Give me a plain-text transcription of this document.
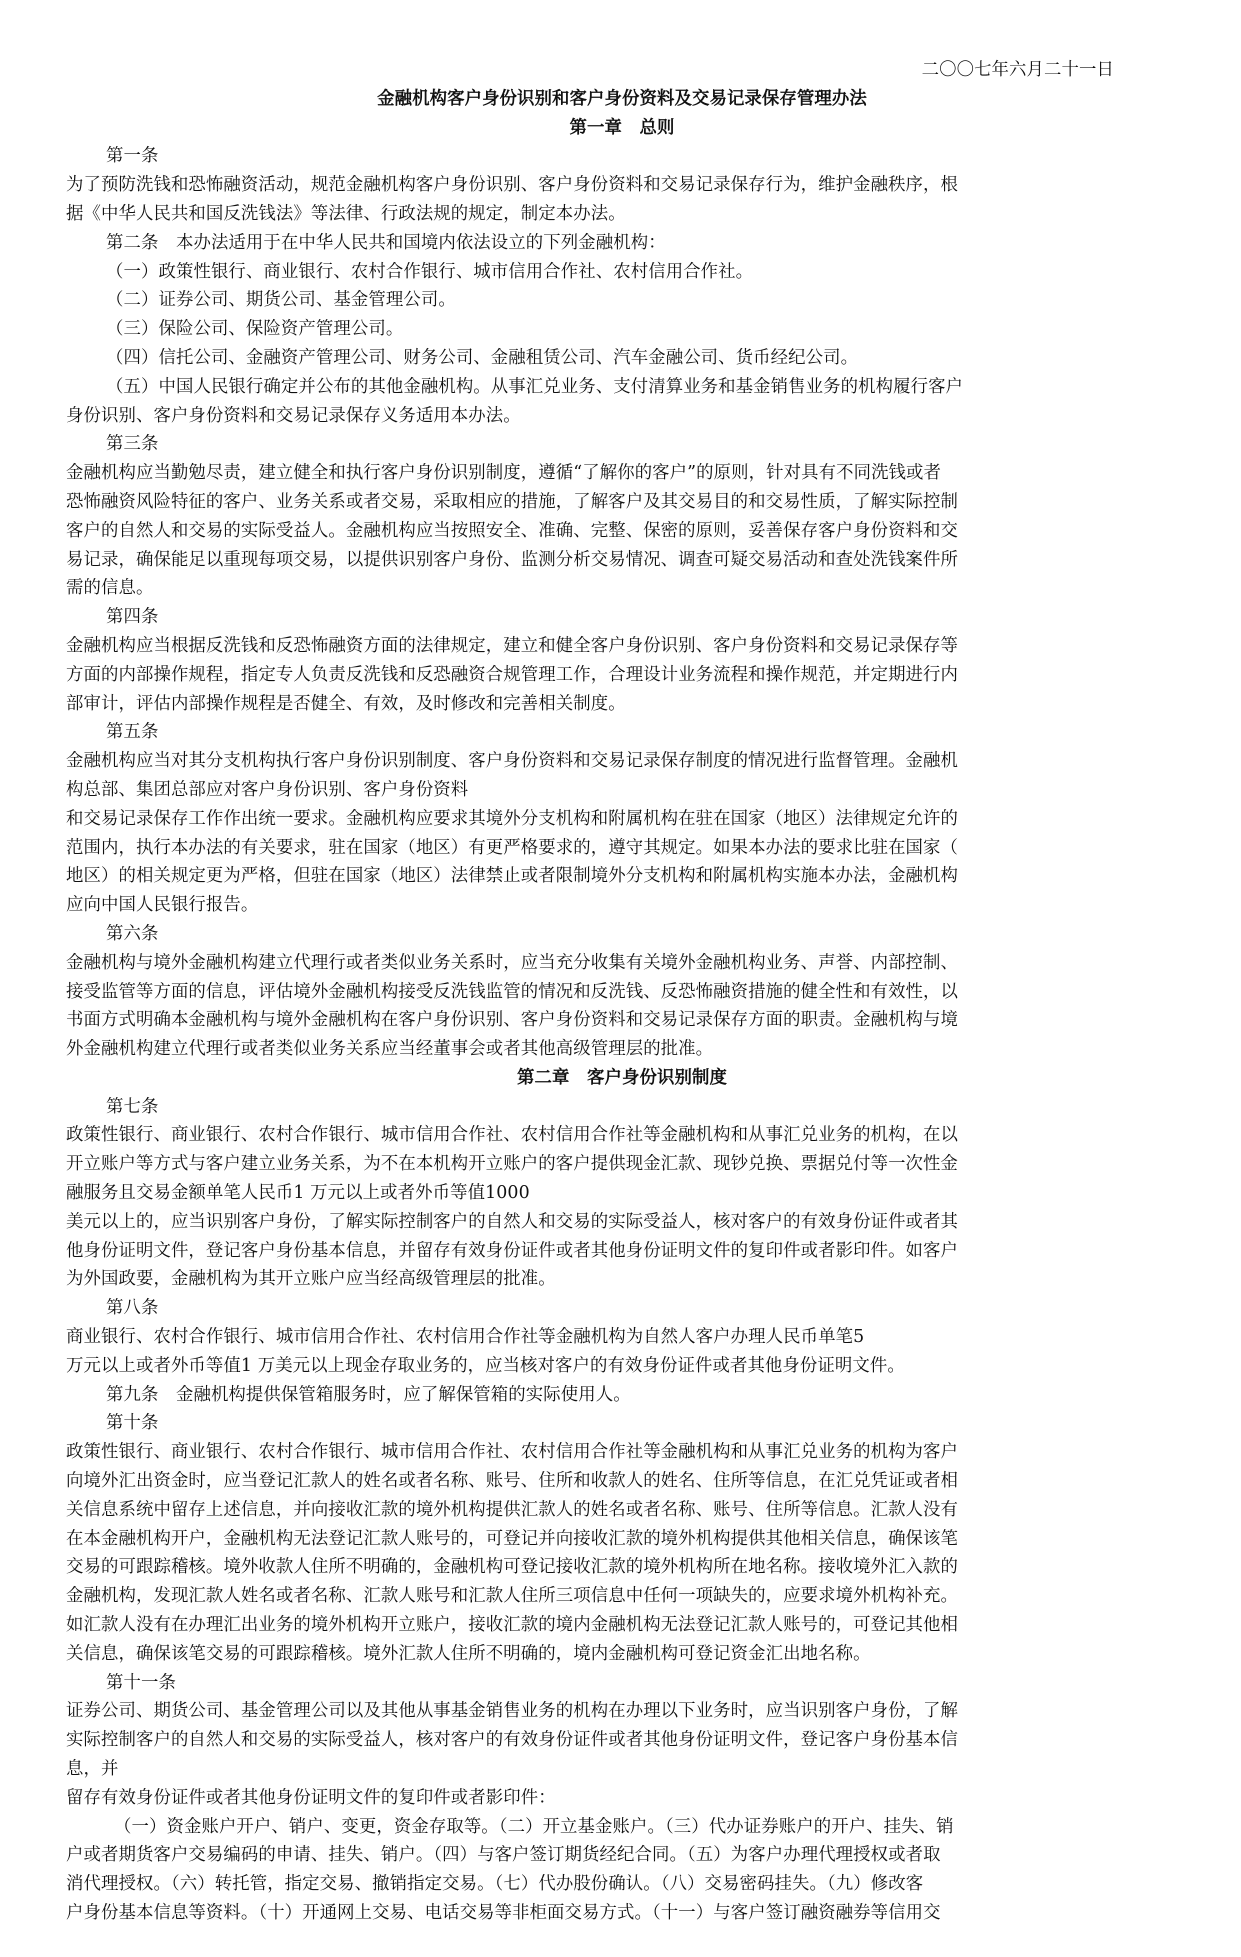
二〇〇七年六月二十一日
金融机构客户身份识别和客户身份资料及交易记录保存管理办法
第一章　总则
第一条
为了预防洗钱和恐怖融资活动，规范金融机构客户身份识别、客户身份资料和交易记录保存行为，维护金融秩序，根
据《中华人民共和国反洗钱法》等法律、行政法规的规定，制定本办法。
第二条　本办法适用于在中华人民共和国境内依法设立的下列金融机构：
（一）政策性银行、商业银行、农村合作银行、城市信用合作社、农村信用合作社。
（二）证券公司、期货公司、基金管理公司。
（三）保险公司、保险资产管理公司。
（四）信托公司、金融资产管理公司、财务公司、金融租赁公司、汽车金融公司、货币经纪公司。
（五）中国人民银行确定并公布的其他金融机构。从事汇兑业务、支付清算业务和基金销售业务的机构履行客户
身份识别、客户身份资料和交易记录保存义务适用本办法。
第三条
金融机构应当勤勉尽责，建立健全和执行客户身份识别制度，遵循“了解你的客户”的原则，针对具有不同洗钱或者
恐怖融资风险特征的客户、业务关系或者交易，采取相应的措施，了解客户及其交易目的和交易性质，了解实际控制
客户的自然人和交易的实际受益人。金融机构应当按照安全、准确、完整、保密的原则，妥善保存客户身份资料和交
易记录，确保能足以重现每项交易，以提供识别客户身份、监测分析交易情况、调查可疑交易活动和查处洗钱案件所
需的信息。
第四条
金融机构应当根据反洗钱和反恐怖融资方面的法律规定，建立和健全客户身份识别、客户身份资料和交易记录保存等
方面的内部操作规程，指定专人负责反洗钱和反恐融资合规管理工作，合理设计业务流程和操作规范，并定期进行内
部审计，评估内部操作规程是否健全、有效，及时修改和完善相关制度。
第五条
金融机构应当对其分支机构执行客户身份识别制度、客户身份资料和交易记录保存制度的情况进行监督管理。金融机
构总部、集团总部应对客户身份识别、客户身份资料
和交易记录保存工作作出统一要求。金融机构应要求其境外分支机构和附属机构在驻在国家（地区）法律规定允许的
范围内，执行本办法的有关要求，驻在国家（地区）有更严格要求的，遵守其规定。如果本办法的要求比驻在国家（
地区）的相关规定更为严格，但驻在国家（地区）法律禁止或者限制境外分支机构和附属机构实施本办法，金融机构
应向中国人民银行报告。
第六条
金融机构与境外金融机构建立代理行或者类似业务关系时，应当充分收集有关境外金融机构业务、声誉、内部控制、
接受监管等方面的信息，评估境外金融机构接受反洗钱监管的情况和反洗钱、反恐怖融资措施的健全性和有效性，以
书面方式明确本金融机构与境外金融机构在客户身份识别、客户身份资料和交易记录保存方面的职责。金融机构与境
外金融机构建立代理行或者类似业务关系应当经董事会或者其他高级管理层的批准。
第二章　客户身份识别制度
第七条
政策性银行、商业银行、农村合作银行、城市信用合作社、农村信用合作社等金融机构和从事汇兑业务的机构，在以
开立账户等方式与客户建立业务关系，为不在本机构开立账户的客户提供现金汇款、现钞兑换、票据兑付等一次性金
融服务且交易金额单笔人民币1 万元以上或者外币等值1000
美元以上的，应当识别客户身份，了解实际控制客户的自然人和交易的实际受益人，核对客户的有效身份证件或者其
他身份证明文件，登记客户身份基本信息，并留存有效身份证件或者其他身份证明文件的复印件或者影印件。如客户
为外国政要，金融机构为其开立账户应当经高级管理层的批准。
第八条
商业银行、农村合作银行、城市信用合作社、农村信用合作社等金融机构为自然人客户办理人民币单笔5
万元以上或者外币等值1 万美元以上现金存取业务的，应当核对客户的有效身份证件或者其他身份证明文件。
第九条　金融机构提供保管箱服务时，应了解保管箱的实际使用人。
第十条
政策性银行、商业银行、农村合作银行、城市信用合作社、农村信用合作社等金融机构和从事汇兑业务的机构为客户
向境外汇出资金时，应当登记汇款人的姓名或者名称、账号、住所和收款人的姓名、住所等信息，在汇兑凭证或者相
关信息系统中留存上述信息，并向接收汇款的境外机构提供汇款人的姓名或者名称、账号、住所等信息。汇款人没有
在本金融机构开户，金融机构无法登记汇款人账号的，可登记并向接收汇款的境外机构提供其他相关信息，确保该笔
交易的可跟踪稽核。境外收款人住所不明确的，金融机构可登记接收汇款的境外机构所在地名称。接收境外汇入款的
金融机构，发现汇款人姓名或者名称、汇款人账号和汇款人住所三项信息中任何一项缺失的，应要求境外机构补充。
如汇款人没有在办理汇出业务的境外机构开立账户，接收汇款的境内金融机构无法登记汇款人账号的，可登记其他相
关信息，确保该笔交易的可跟踪稽核。境外汇款人住所不明确的，境内金融机构可登记资金汇出地名称。
第十一条
证券公司、期货公司、基金管理公司以及其他从事基金销售业务的机构在办理以下业务时，应当识别客户身份，了解
实际控制客户的自然人和交易的实际受益人，核对客户的有效身份证件或者其他身份证明文件，登记客户身份基本信
息，并
留存有效身份证件或者其他身份证明文件的复印件或者影印件：
（一）资金账户开户、销户、变更，资金存取等。（二）开立基金账户。（三）代办证券账户的开户、挂失、销
户或者期货客户交易编码的申请、挂失、销户。（四）与客户签订期货经纪合同。（五）为客户办理代理授权或者取
消代理授权。（六）转托管，指定交易、撤销指定交易。（七）代办股份确认。（八）交易密码挂失。（九）修改客
户身份基本信息等资料。（十）开通网上交易、电话交易等非柜面交易方式。（十一）与客户签订融资融券等信用交
